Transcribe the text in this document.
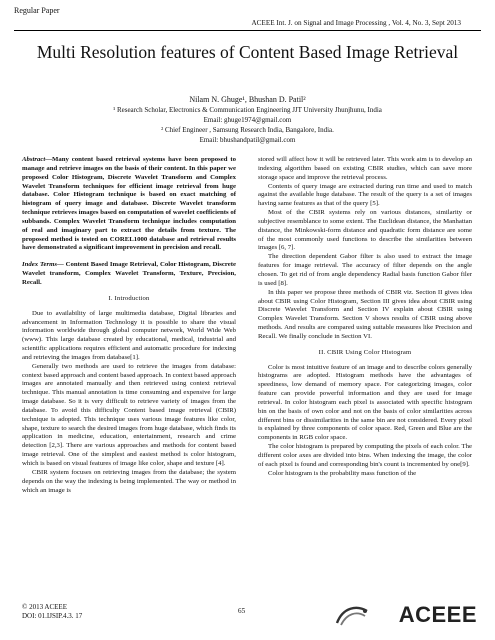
Regular Paper
ACEEE Int. J. on Signal and Image Processing , Vol. 4, No. 3, Sept 2013
Multi Resolution features of Content Based Image Retrieval
Nilam N. Ghuge¹, Bhushan D. Patil²
¹ Research Scholar, Electronics & Communication Engineering JJT University Jhunjhunu, India
Email: ghuge1974@gmail.com
² Chief Engineer , Samsung Research India, Bangalore, India.
Email: bhushandpatil@gmail.com

Abstract—Many content based retrieval systems have been proposed to manage and retrieve images on the basis of their content. In this paper we proposed Color Histogram, Discrete Wavelet Transform and Complex Wavelet Transform techniques for efficient image retrieval from huge database. Color Histogram technique is based on exact matching of histogram of query image and database. Discrete Wavelet transform technique retrieves images based on computation of wavelet coefficients of subbands. Complex Wavelet Transform technique includes computation of real and imaginary part to extract the details from texture. The proposed method is tested on COREL1000 database and retrieval results have demonstrated a significant improvement in precision and recall.

Index Terms— Content Based Image Retrieval, Color Histogram, Discrete Wavelet transform, Complex Wavelet Transform, Texture, Precision, Recall.

I. Introduction

Due to availability of large multimedia database, Digital libraries and advancement in Information Technology it is possible to share the visual information worldwide through global computer network, World Wide Web (www). This large database created by educational, medical, industrial and scientific applications requires efficient and automatic procedure for indexing and retrieving the images from database[1].

Generally two methods are used to retrieve the images from database: context based approach and content based approach. In context based approach images are annotated manually and then retrieved using context retrieval technique. This manual annotation is time consuming and expensive for large image database. So it is very difficult to retrieve variety of images from the database. To avoid this difficulty Content based image retrieval (CBIR) technique is adopted. This technique uses various image features like color, shape, texture to search the desired images from huge database, which finds its application in medicine, education, entertainment, research and crime detection [2,3]. There are various approaches and methods for content based image retrieval. One of the simplest and easiest method is color histogram, which is based on visual features of image like color, shape and texture [4].

CBIR system focuses on retrieving images from the database; the system depends on the way the indexing is being implemented. The way or method in which an image is

stored will affect how it will be retrieved later. This work aim is to develop an indexing algorithm based on existing CBIR studies, which can save more storage space and improve the retrieval process.

Contents of query image are extracted during run time and used to match against the available huge database. The result of the query is a set of images having same features as that of the query [5].

Most of the CBIR systems rely on various distances, similarity or subjective resemblance to some extent. The Euclidean distance, the Manhattan distance, the Minkowski-form distance and quadratic form distance are some of the most commonly used functions to describe the similarities between images [6, 7].

The direction dependent Gabor filter is also used to extract the image features for image retrieval. The accuracy of filter depends on the angle chosen. To get rid of from angle dependency Radial basis function Gabor filer is used [8].

In this paper we propose three methods of CBIR viz. Section II gives idea about CBIR using Color Histogram, Section III gives idea about CBIR using Discrete Wavelet Transform and Section IV explain about CBIR using Complex Wavelet Transform. Section V shows results of CBIR using above methods. And results are compared using suitable measures like Precision and Recall. We finally conclude in Section VI.

II. CBIR Using Color Histogram

Color is most intuitive feature of an image and to describe colors generally histograms are adopted. Histogram methods have the advantages of speediness, low demand of memory space. For categorizing images, color feature can provide powerful information and they are used for image retrieval. In color histogram each pixel is associated with specific histogram bin on the basis of own color and not on the basis of color similarities across different bins or dissimilarities in the same bin are not considered. Every pixel is explained by three components of color space. Red, Green and Blue are the components in RGB color space.

The color histogram is prepared by computing the pixels of each color. The different color axes are divided into bins. When indexing the image, the color of each pixel is found and corresponding bin's count is incremented by one[9].

Color histogram is the probability mass function of the

© 2013 ACEEE
DOI: 01.IJSIP.4.3. 17
65	ACEEE
